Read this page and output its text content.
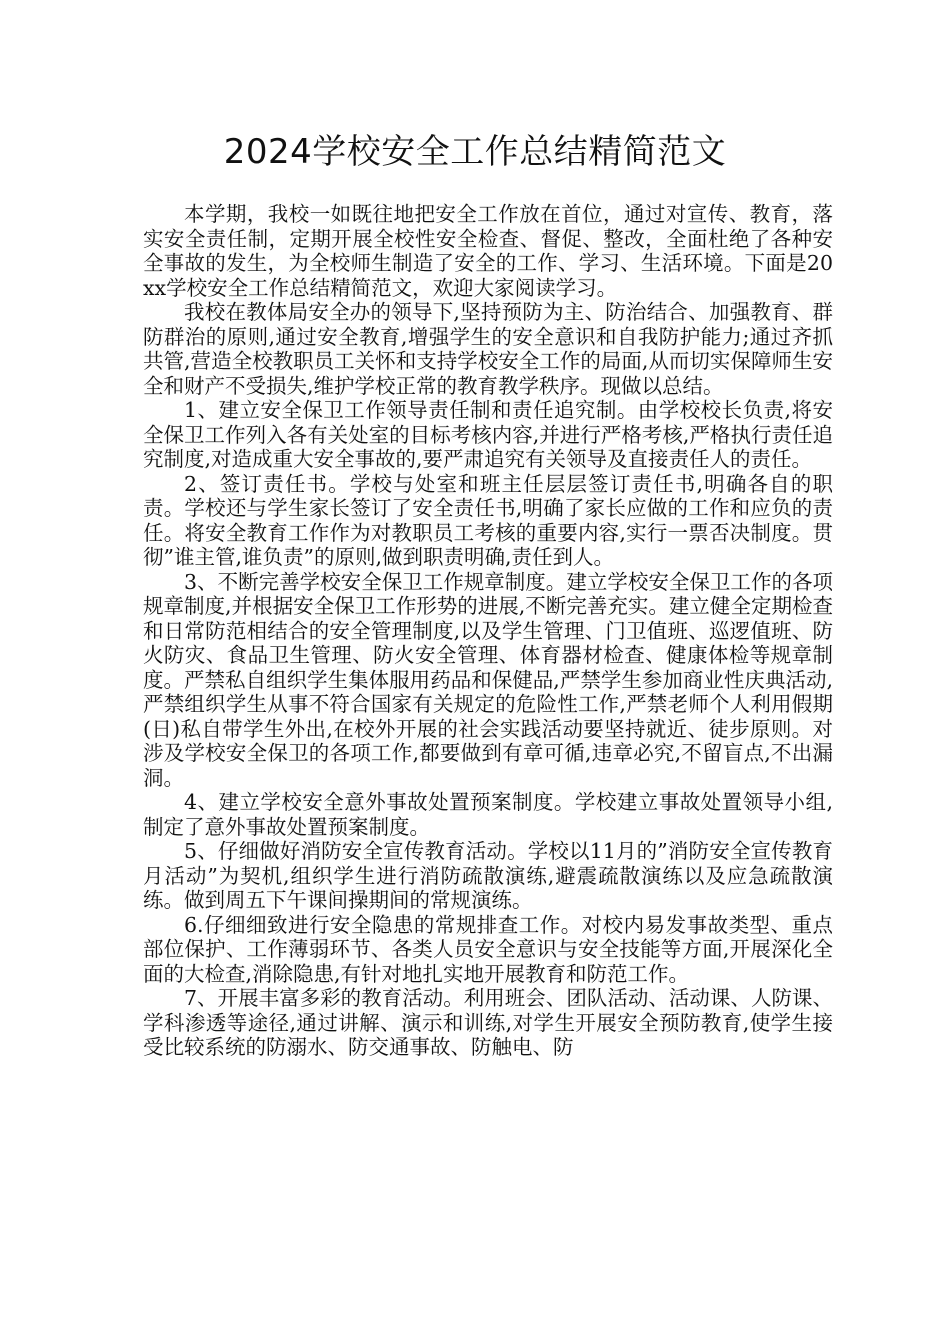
2024学校安全工作总结精简范文

本学期，我校一如既往地把安全工作放在首位，通过对宣传、教育，落实安全责任制，定期开展全校性安全检查、督促、整改，全面杜绝了各种安全事故的发生，为全校师生制造了安全的工作、学习、生活环境。下面是20xx学校安全工作总结精简范文，欢迎大家阅读学习。

我校在教体局安全办的领导下,坚持预防为主、防治结合、加强教育、群防群治的原则,通过安全教育,增强学生的安全意识和自我防护能力;通过齐抓共管,营造全校教职员工关怀和支持学校安全工作的局面,从而切实保障师生安全和财产不受损失,维护学校正常的教育教学秩序。现做以总结。

1、建立安全保卫工作领导责任制和责任追究制。由学校校长负责,将安全保卫工作列入各有关处室的目标考核内容,并进行严格考核,严格执行责任追究制度,对造成重大安全事故的,要严肃追究有关领导及直接责任人的责任。

2、签订责任书。学校与处室和班主任层层签订责任书,明确各自的职责。学校还与学生家长签订了安全责任书,明确了家长应做的工作和应负的责任。将安全教育工作作为对教职员工考核的重要内容,实行一票否决制度。贯彻”谁主管,谁负责”的原则,做到职责明确,责任到人。

3、不断完善学校安全保卫工作规章制度。建立学校安全保卫工作的各项规章制度,并根据安全保卫工作形势的进展,不断完善充实。建立健全定期检查和日常防范相结合的安全管理制度,以及学生管理、门卫值班、巡逻值班、防火防灾、食品卫生管理、防火安全管理、体育器材检查、健康体检等规章制度。严禁私自组织学生集体服用药品和保健品,严禁学生参加商业性庆典活动,严禁组织学生从事不符合国家有关规定的危险性工作,严禁老师个人利用假期(日)私自带学生外出,在校外开展的社会实践活动要坚持就近、徒步原则。对涉及学校安全保卫的各项工作,都要做到有章可循,违章必究,不留盲点,不出漏洞。

4、建立学校安全意外事故处置预案制度。学校建立事故处置领导小组,制定了意外事故处置预案制度。

5、仔细做好消防安全宣传教育活动。学校以11月的”消防安全宣传教育月活动”为契机,组织学生进行消防疏散演练,避震疏散演练以及应急疏散演练。做到周五下午课间操期间的常规演练。

6.仔细细致进行安全隐患的常规排查工作。对校内易发事故类型、重点部位保护、工作薄弱环节、各类人员安全意识与安全技能等方面,开展深化全面的大检查,消除隐患,有针对地扎实地开展教育和防范工作。

7、开展丰富多彩的教育活动。利用班会、团队活动、活动课、人防课、学科渗透等途径,通过讲解、演示和训练,对学生开展安全预防教育,使学生接受比较系统的防溺水、防交通事故、防触电、防
